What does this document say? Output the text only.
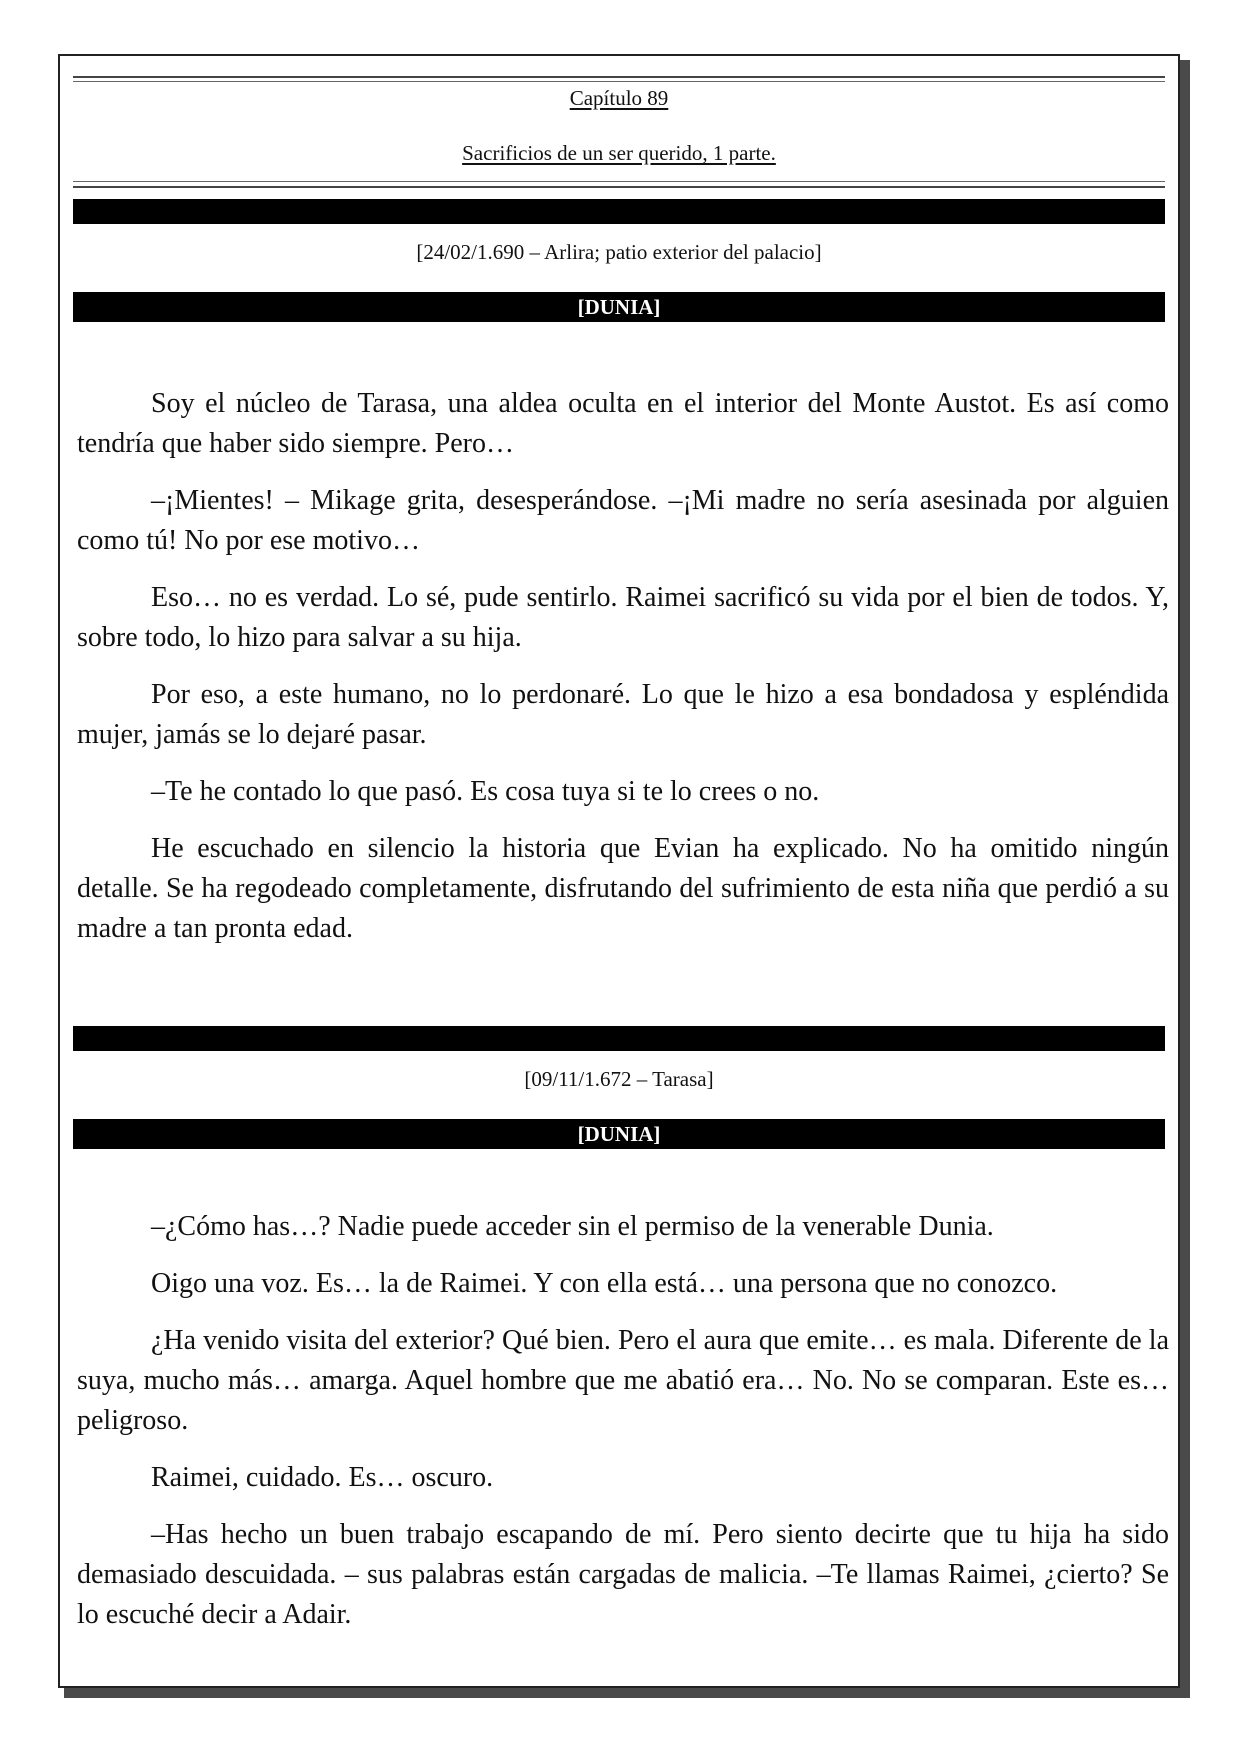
Capítulo 89
Sacrificios de un ser querido, 1 parte.
[24/02/1.690 – Arlira; patio exterior del palacio]
[DUNIA]

Soy el núcleo de Tarasa, una aldea oculta en el interior del Monte Austot. Es así como tendría que haber sido siempre. Pero…

–¡Mientes! – Mikage grita, desesperándose. –¡Mi madre no sería asesinada por alguien como tú! No por ese motivo…

Eso… no es verdad. Lo sé, pude sentirlo. Raimei sacrificó su vida por el bien de todos. Y, sobre todo, lo hizo para salvar a su hija.

Por eso, a este humano, no lo perdonaré. Lo que le hizo a esa bondadosa y espléndida mujer, jamás se lo dejaré pasar.

–Te he contado lo que pasó. Es cosa tuya si te lo crees o no.

He escuchado en silencio la historia que Evian ha explicado. No ha omitido ningún detalle. Se ha regodeado completamente, disfrutando del sufrimiento de esta niña que perdió a su madre a tan pronta edad.

[09/11/1.672 – Tarasa]
[DUNIA]

–¿Cómo has…? Nadie puede acceder sin el permiso de la venerable Dunia.

Oigo una voz. Es… la de Raimei. Y con ella está… una persona que no conozco.

¿Ha venido visita del exterior? Qué bien. Pero el aura que emite… es mala. Diferente de la suya, mucho más… amarga. Aquel hombre que me abatió era… No. No se comparan. Este es… peligroso.

Raimei, cuidado. Es… oscuro.

–Has hecho un buen trabajo escapando de mí. Pero siento decirte que tu hija ha sido demasiado descuidada. – sus palabras están cargadas de malicia. –Te llamas Raimei, ¿cierto? Se lo escuché decir a Adair.
